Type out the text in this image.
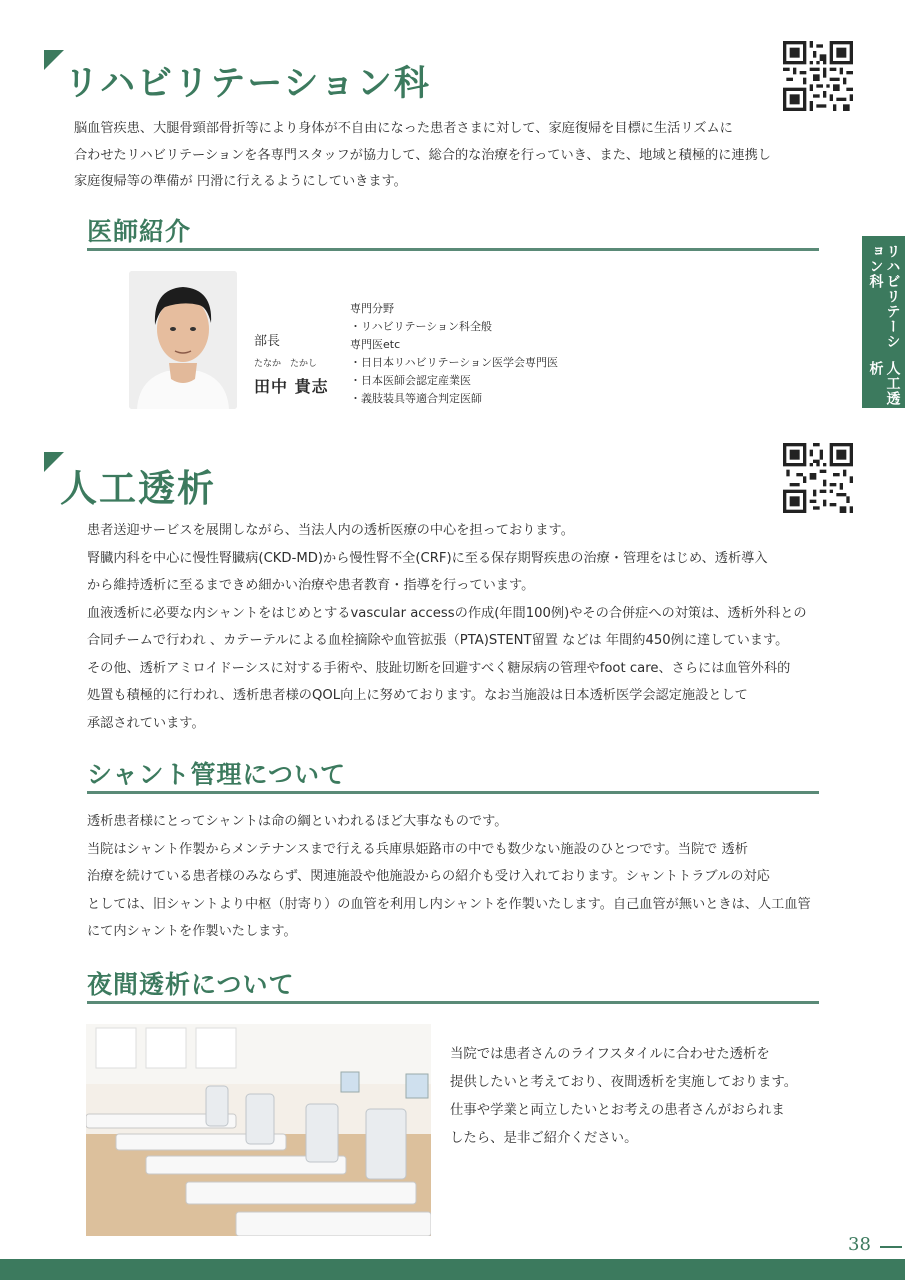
リハビリテーション科

脳血管疾患、大腿骨頸部骨折等により身体が不自由になった患者さまに対して、家庭復帰を目標に生活リズムに

合わせたリハビリテーションを各専門スタッフが協力して、総合的な治療を行っていき、また、地域と積極的に連携し

家庭復帰等の準備が 円滑に行えるようにしていきます。

医師紹介
部長
たなか　たかし
田中 貴志
専門分野
・リハビリテーション科全般
専門医etc
・日日本リハビリテーション医学会専門医
・日本医師会認定産業医
・義肢装具等適合判定医師
リハビリテーション科
人工透析
人工透析

患者送迎サービスを展開しながら、当法人内の透析医療の中心を担っております。

腎臓内科を中心に慢性腎臓病(CKD-MD)から慢性腎不全(CRF)に至る保存期腎疾患の治療・管理をはじめ、透析導入

から維持透析に至るまできめ細かい治療や患者教育・指導を行っています。

血液透析に必要な内シャントをはじめとするvascular accessの作成(年間100例)やその合併症への対策は、透析外科との

合同チームで行われ 、カテーテルによる血栓摘除や血管拡張（PTA)STENT留置 などは 年間約450例に達しています。

その他、透析アミロイドーシスに対する手術や、肢趾切断を回避すべく糖尿病の管理やfoot care、さらには血管外科的

処置も積極的に行われ、透析患者様のQOL向上に努めております。なお当施設は日本透析医学会認定施設として

承認されています。

シャント管理について

透析患者様にとってシャントは命の綱といわれるほど大事なものです。

当院はシャント作製からメンテナンスまで行える兵庫県姫路市の中でも数少ない施設のひとつです。当院で 透析

治療を続けている患者様のみならず、関連施設や他施設からの紹介も受け入れております。シャントトラブルの対応

としては、旧シャントより中枢（肘寄り）の血管を利用し内シャントを作製いたします。自己血管が無いときは、人工血管

にて内シャントを作製いたします。

夜間透析について

当院では患者さんのライフスタイルに合わせた透析を

提供したいと考えており、夜間透析を実施しております。

仕事や学業と両立したいとお考えの患者さんがおられま

したら、是非ご紹介ください。

38
